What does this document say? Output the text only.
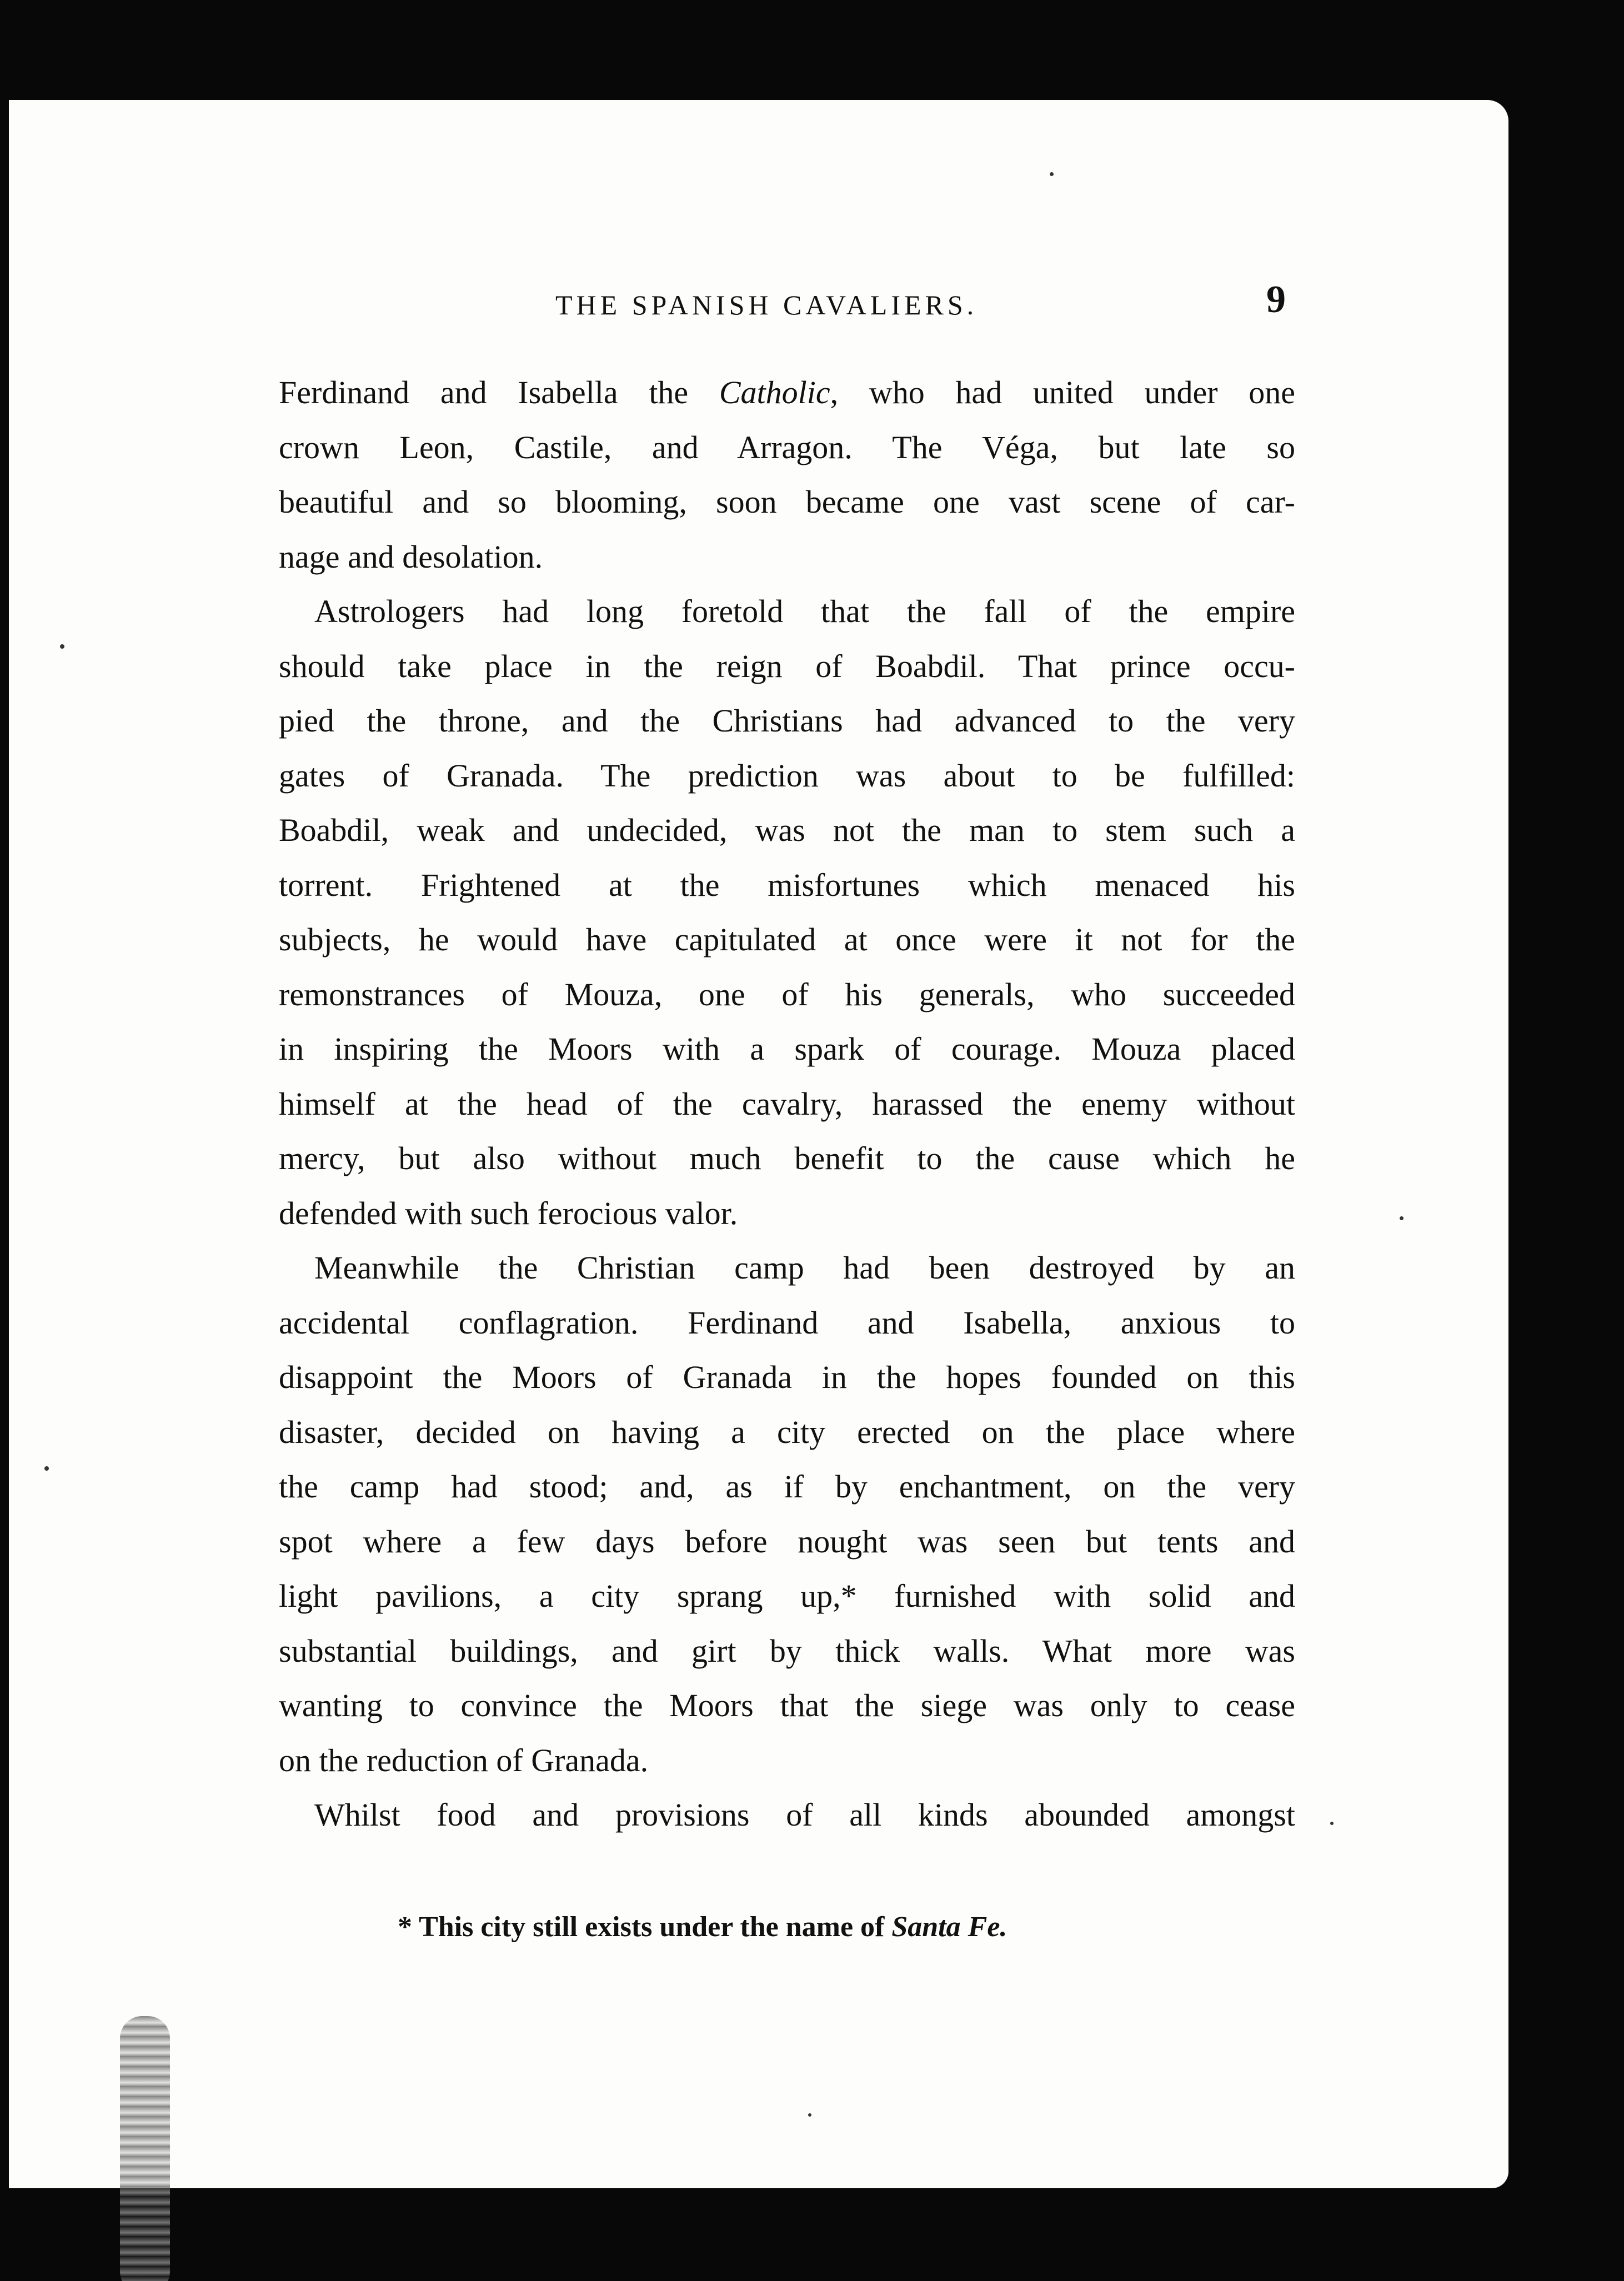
THE SPANISH CAVALIERS.	9
Ferdinand and Isabella the Catholic, who had united under one
crown Leon, Castile, and Arragon. The Véga, but late so
beautiful and so blooming, soon became one vast scene of car-
nage and desolation.
Astrologers had long foretold that the fall of the empire
should take place in the reign of Boabdil. That prince occu-
pied the throne, and the Christians had advanced to the very
gates of Granada. The prediction was about to be fulfilled:
Boabdil, weak and undecided, was not the man to stem such a
torrent. Frightened at the misfortunes which menaced his
subjects, he would have capitulated at once were it not for the
remonstrances of Mouza, one of his generals, who succeeded
in inspiring the Moors with a spark of courage. Mouza placed
himself at the head of the cavalry, harassed the enemy without
mercy, but also without much benefit to the cause which he
defended with such ferocious valor.
Meanwhile the Christian camp had been destroyed by an
accidental conflagration. Ferdinand and Isabella, anxious to
disappoint the Moors of Granada in the hopes founded on this
disaster, decided on having a city erected on the place where
the camp had stood; and, as if by enchantment, on the very
spot where a few days before nought was seen but tents and
light pavilions, a city sprang up,* furnished with solid and
substantial buildings, and girt by thick walls. What more was
wanting to convince the Moors that the siege was only to cease
on the reduction of Granada.
Whilst food and provisions of all kinds abounded amongst
* This city still exists under the name of Santa Fe.
